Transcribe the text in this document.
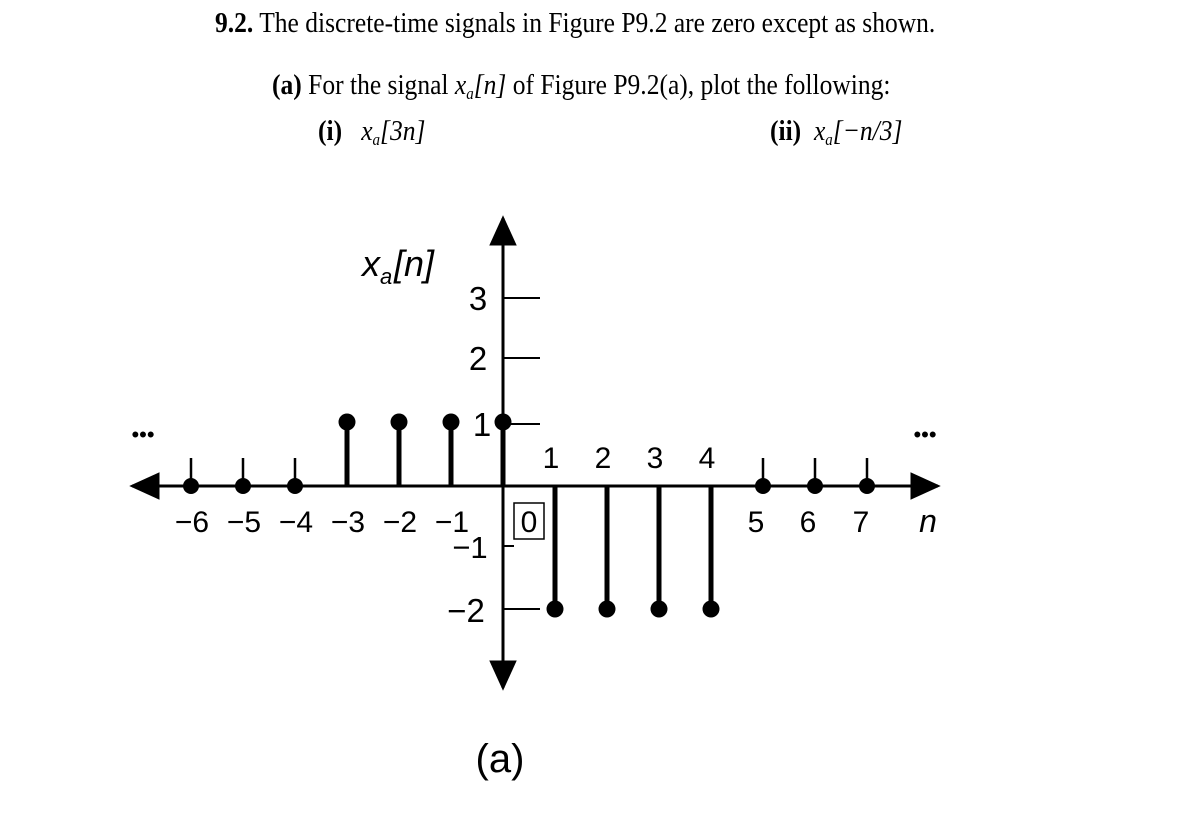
9.2. The discrete-time signals in Figure P9.2 are zero except as shown.
(a) For the signal $x_a[n]$ of Figure P9.2(a), plot the following:
(i) $x_a[3n]$	(ii) $x_a[-n/3]$
3
2
1
−1
−2
x a [n]
−6 −5 −4 −3 −2 −1 0	5 6 7
1 2 3 4
n
•••	•••
(a)
